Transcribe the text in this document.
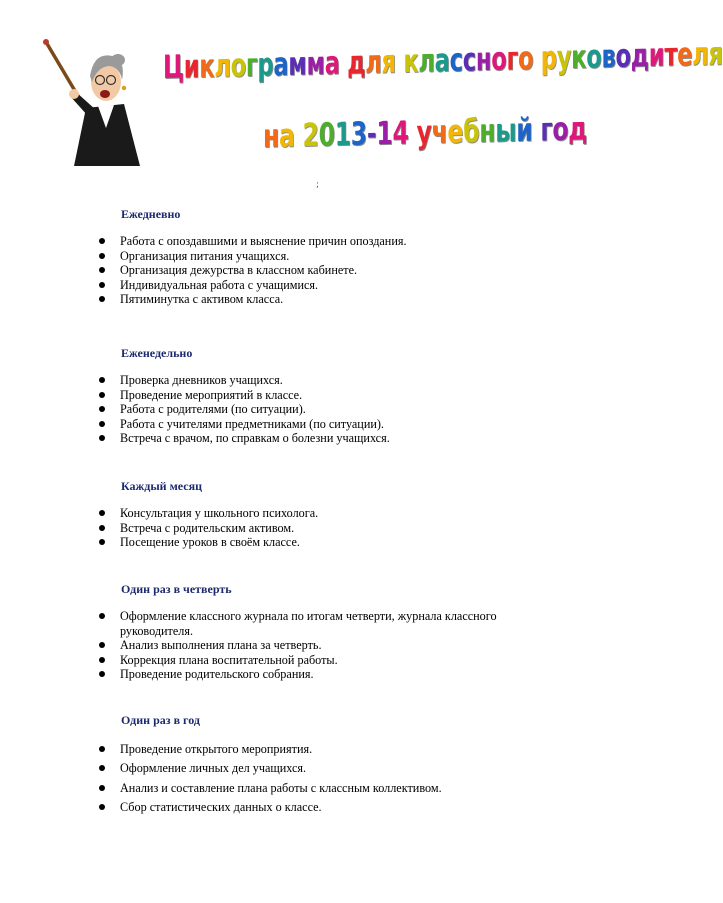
Циклограмма для классного руководителя
на 2013-14 учебный год
;
Ежедневно
Работа с опоздавшими и выяснение причин опоздания.
Организация питания учащихся.
Организация дежурства в классном кабинете.
Индивидуальная работа с учащимися.
Пятиминутка с активом класса.
Еженедельно
Проверка дневников учащихся.
Проведение мероприятий в классе.
Работа с родителями (по ситуации).
Работа с учителями предметниками (по ситуации).
Встреча с врачом, по справкам о болезни учащихся.
Каждый месяц
Консультация у школьного психолога.
Встреча с родительским активом.
Посещение уроков в своём классе.
Один раз в четверть
Оформление классного журнала по итогам четверти, журнала классного руководителя.
Анализ выполнения плана за четверть.
Коррекция плана воспитательной работы.
Проведение родительского собрания.
Один раз в год
Проведение открытого мероприятия.
Оформление личных дел учащихся.
Анализ и составление плана работы с классным коллективом.
Сбор статистических данных о классе.
